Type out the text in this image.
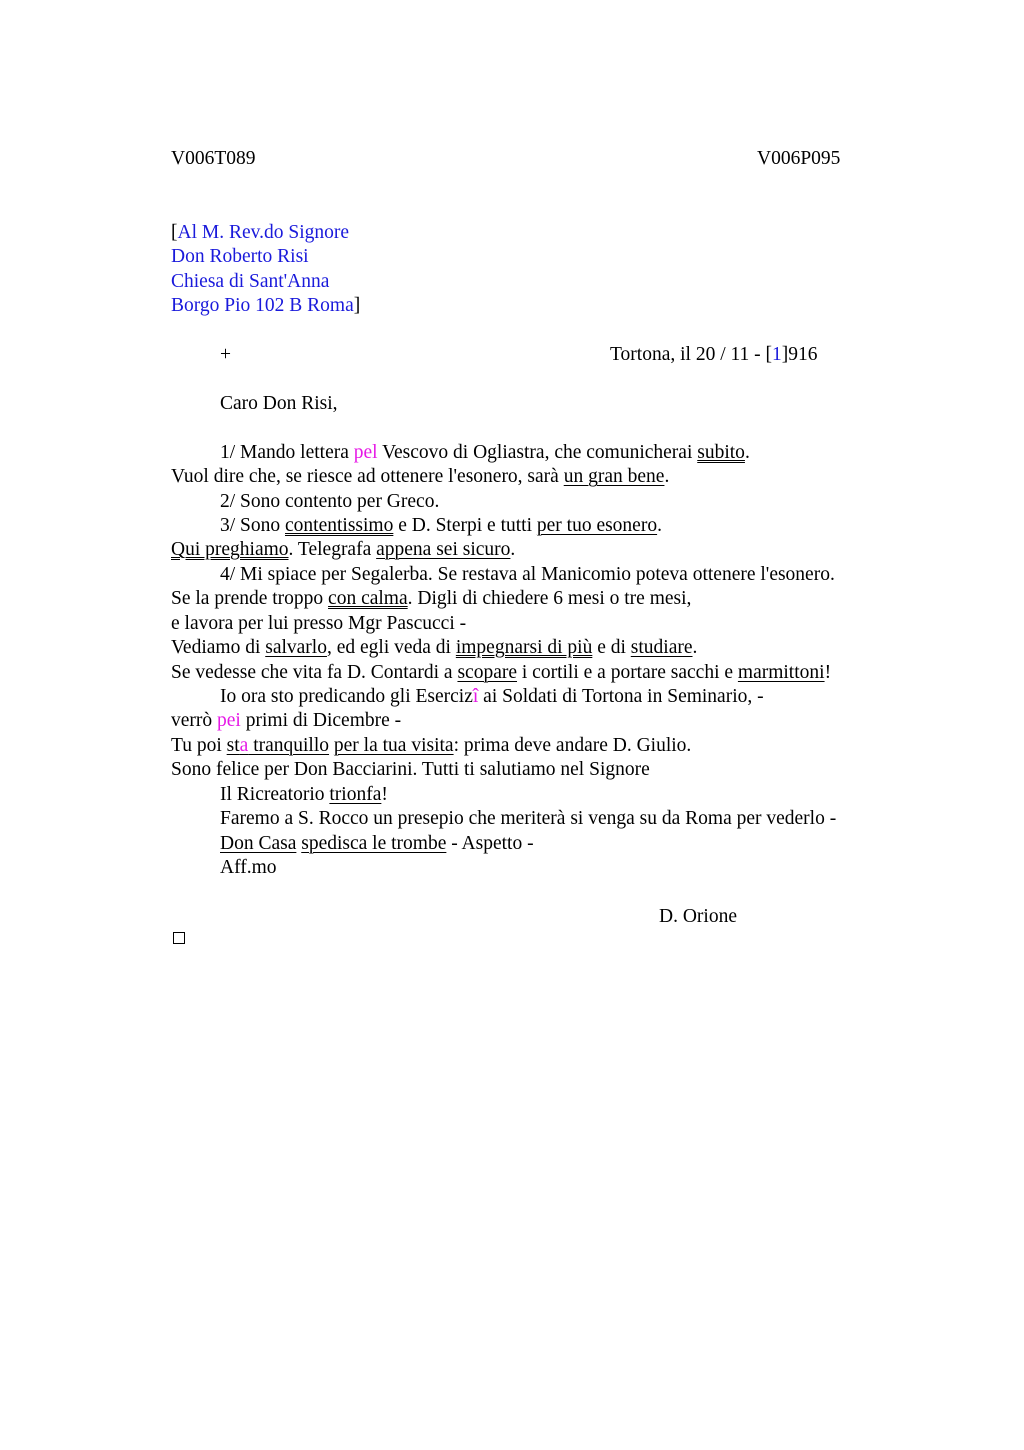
V006T089	V006P095
[Al M. Rev.do Signore
Don Roberto Risi
Chiesa di Sant'Anna
Borgo Pio 102 B Roma]
+	Tortona, il 20 / 11 - [1]916
Caro Don Risi,
1/ Mando lettera pel Vescovo di Ogliastra, che comunicherai subito.
Vuol dire che, se riesce ad ottenere l'esonero, sarà un gran bene.
2/ Sono contento per Greco.
3/ Sono contentissimo e D. Sterpi e tutti per tuo esonero.
Qui preghiamo. Telegrafa appena sei sicuro.
4/ Mi spiace per Segalerba. Se restava al Manicomio poteva ottenere l'esonero.
Se la prende troppo con calma. Digli di chiedere 6 mesi o tre mesi,
e lavora per lui presso Mgr Pascucci -
Vediamo di salvarlo, ed egli veda di impegnarsi di più e di studiare.
Se vedesse che vita fa D. Contardi a scopare i cortili e a portare sacchi e marmittoni!
Io ora sto predicando gli Esercizî ai Soldati di Tortona in Seminario, -
verrò pei primi di Dicembre -
Tu poi sta tranquillo per la tua visita: prima deve andare D. Giulio.
Sono felice per Don Bacciarini. Tutti ti salutiamo nel Signore
Il Ricreatorio trionfa!
Faremo a S. Rocco un presepio che meriterà si venga su da Roma per vederlo -
Don Casa spedisca le trombe - Aspetto -
Aff.mo
D. Orione
